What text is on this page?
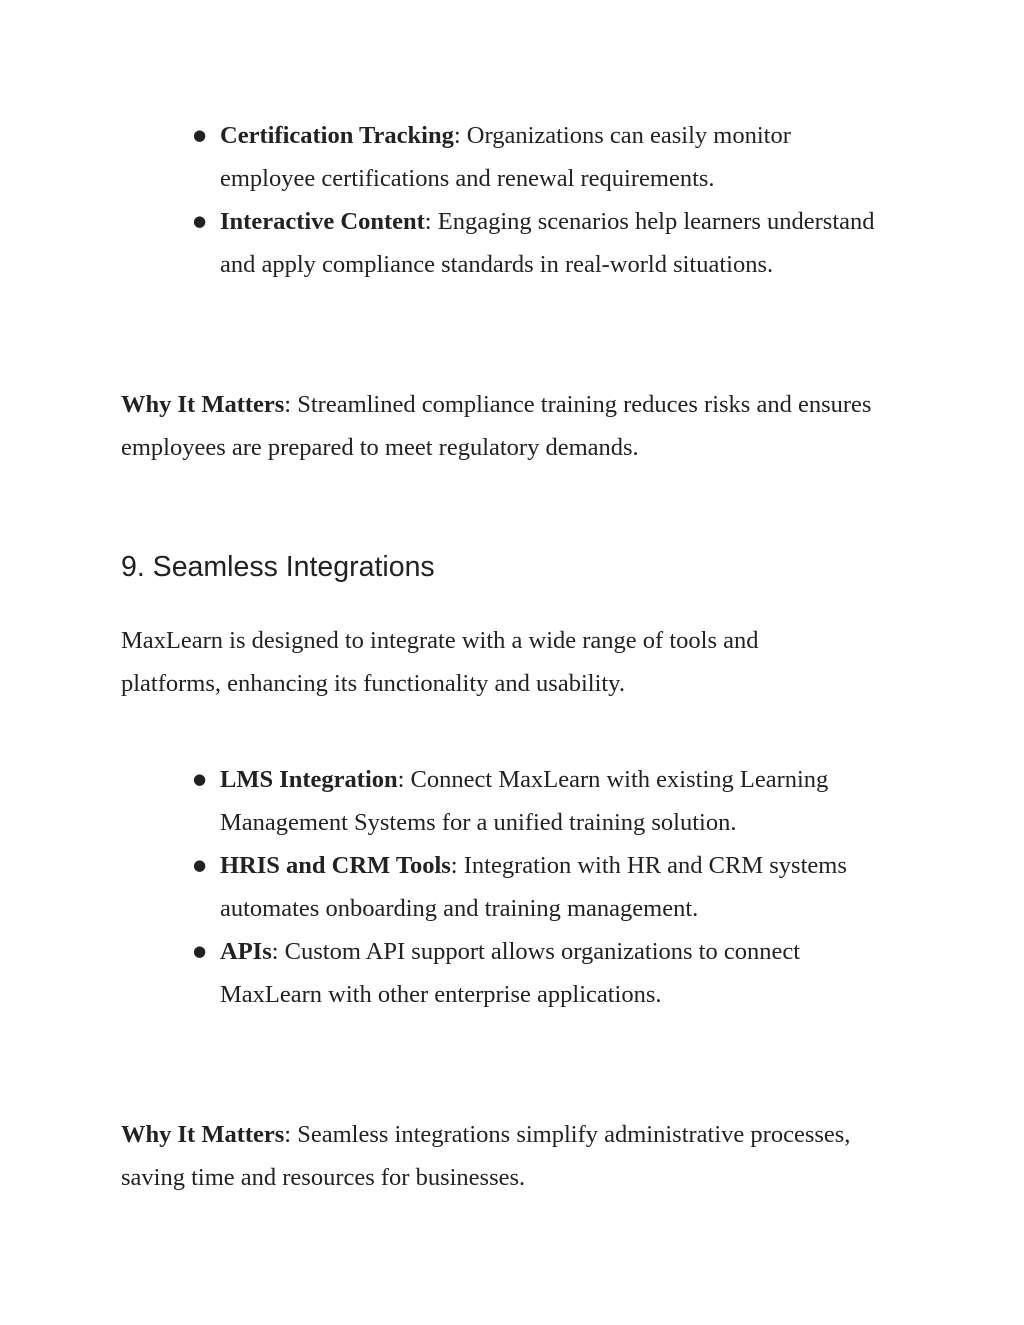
● Certification Tracking: Organizations can easily monitor employee certifications and renewal requirements.
● Interactive Content: Engaging scenarios help learners understand and apply compliance standards in real-world situations.

Why It Matters: Streamlined compliance training reduces risks and ensures employees are prepared to meet regulatory demands.

9. Seamless Integrations

MaxLearn is designed to integrate with a wide range of tools and platforms, enhancing its functionality and usability.

● LMS Integration: Connect MaxLearn with existing Learning Management Systems for a unified training solution.
● HRIS and CRM Tools: Integration with HR and CRM systems automates onboarding and training management.
● APIs: Custom API support allows organizations to connect MaxLearn with other enterprise applications.

Why It Matters: Seamless integrations simplify administrative processes, saving time and resources for businesses.
